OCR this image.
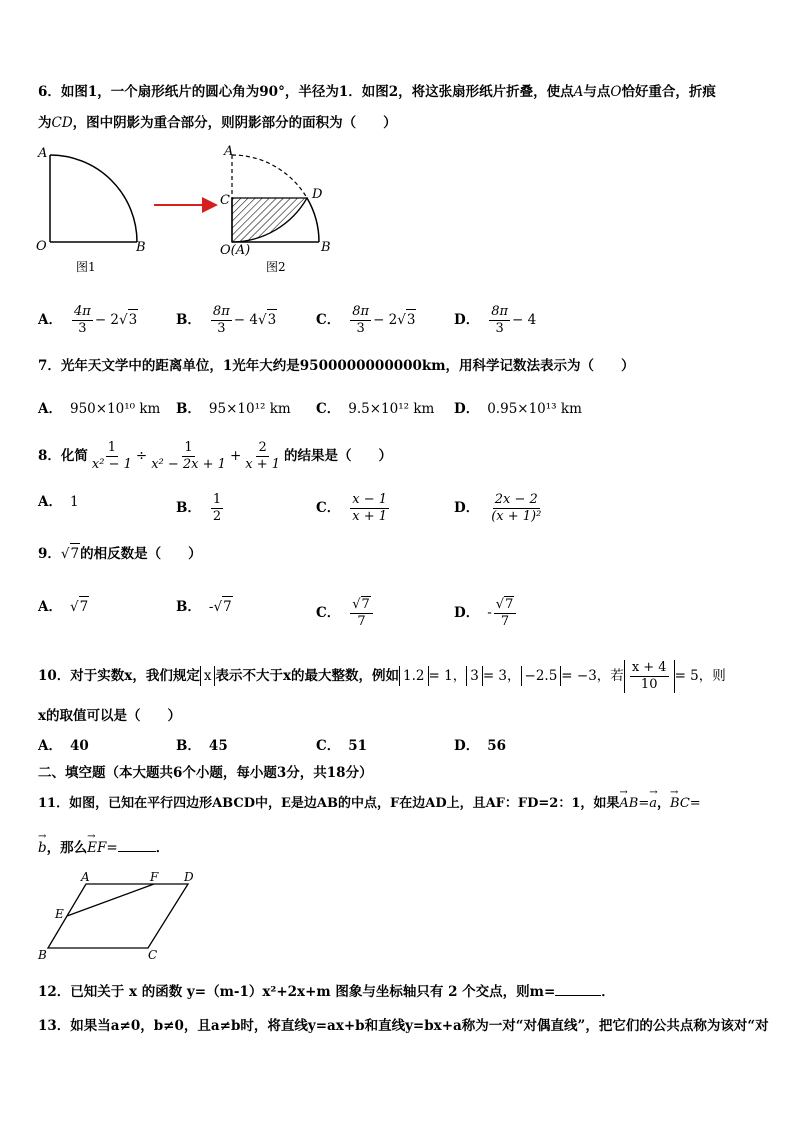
6．如图1，一个扇形纸片的圆心角为90°，半径为1．如图2，将这张扇形纸片折叠，使点A与点O恰好重合，折痕
为CD，图中阴影为重合部分，则阴影部分的面积为（　　）
A
O	B
图1
A
C	D
O(A)	B
图2
A． $\frac{4\pi}{3} - 2√3$	B． $\frac{8\pi}{3} - 4√3$	C． $\frac{8\pi}{3} - 2√3$	D． $\frac{8\pi}{3} - 4$
7．光年天文学中的距离单位，1光年大约是9500000000000km，用科学记数法表示为（　　）
A． 950×10¹⁰ km B． 95×10¹² km C． 9.5×10¹² km D． 0.95×10¹³ km
8．化简 $\frac{1}{\text{x² − 1}} \div \frac{1}{\text{x² − 2x + 1}} + \frac{2}{x + 1}$ 的结果是（　　）
A． 1	B． $\frac{1}{2}$	C． $\frac{x - 1}{x + 1}$	D． $\frac{2x - 2}{\text{(x + 1)²}}$
9．√7的相反数是（　　）
A． √7	B． -√7	C． $\frac{√7}{7}$	D． - $\frac{√7}{7}$
10．对于实数x，我们规定 x 表示不大于x的最大整数，例如 1.2 = 1， 3 = 3， −2.5 = −3，若 $\frac{x + 4}{10} = 5$，则
x的取值可以是（　　）
A． 40	B． 45	C． 51	D． 56
二、填空题（本大题共6个小题，每小题3分，共18分）
11．如图，已知在平行四边形ABCD中，E是边AB的中点，F在边AD上，且AF：FD=2：1，如果→ AB=→ a，→ BC=
→ b，那么→ EF=	．
A	F D
E
B	C
12．已知关于 x 的函数 y=（m-1）x²+2x+m 图象与坐标轴只有 2 个交点，则m=	．
13．如果当a≠0，b≠0，且a≠b时，将直线y=ax+b和直线y=bx+a称为一对“对偶直线”，把它们的公共点称为该对“对
